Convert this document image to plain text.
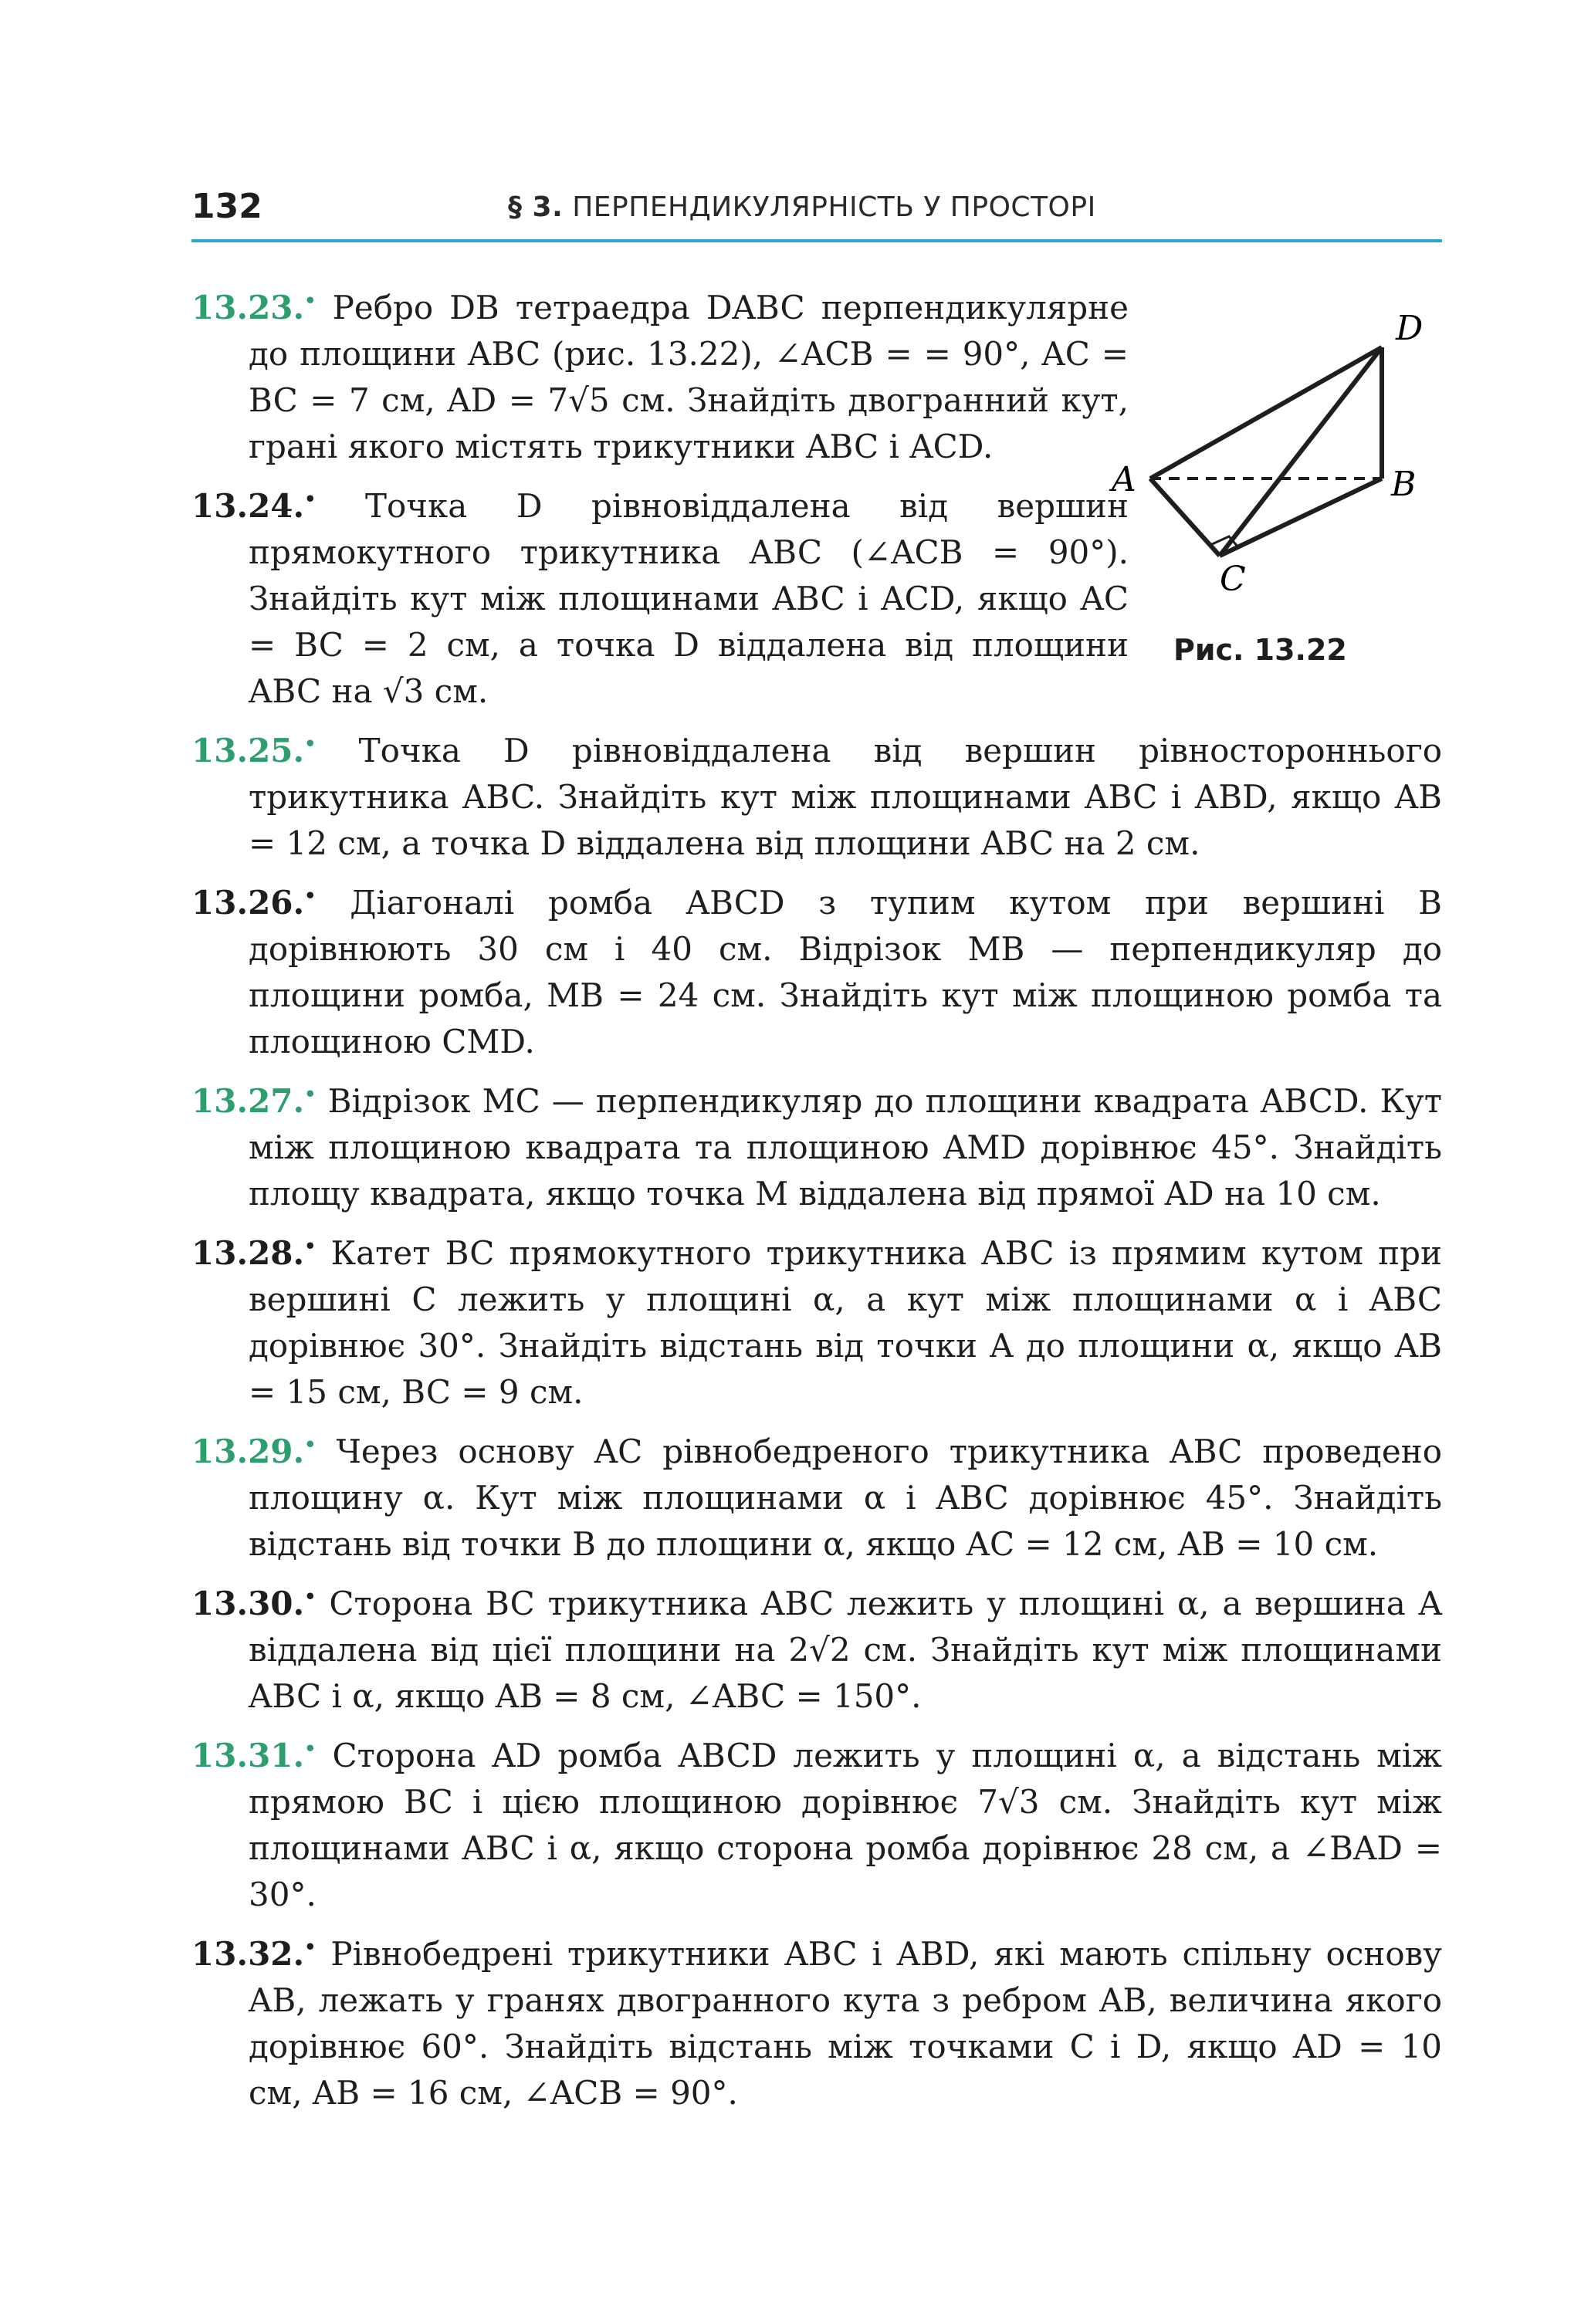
132	§ 3. ПЕРПЕНДИКУЛЯРНІСТЬ У ПРОСТОРІ
D
A	B
C
Рис. 13.22
13.23.• Ребро DB тетраедра DABC перпендикулярне до площини ABC (рис. 13.22), ∠ACB = = 90°, AC = BC = 7 см, AD = 7√5 см. Знайдіть двогранний кут, грані якого містять трикутники ABC і ACD.
13.24.• Точка D рівновіддалена від вершин прямокутного трикутника ABC (∠ACB = 90°). Знайдіть кут між площинами ABC і ACD, якщо AC = BC = 2 см, а точка D віддалена від площини ABC на √3 см.
13.25.• Точка D рівновіддалена від вершин рівностороннього трикутника ABC. Знайдіть кут між площинами ABC і ABD, якщо AB = 12 см, а точка D віддалена від площини ABC на 2 см.
13.26.• Діагоналі ромба ABCD з тупим кутом при вершині B дорівнюють 30 см і 40 см. Відрізок MB — перпендикуляр до площини ромба, MB = 24 см. Знайдіть кут між площиною ромба та площиною CMD.
13.27.• Відрізок MC — перпендикуляр до площини квадрата ABCD. Кут між площиною квадрата та площиною AMD дорівнює 45°. Знайдіть площу квадрата, якщо точка M віддалена від прямої AD на 10 см.
13.28.• Катет BC прямокутного трикутника ABC із прямим кутом при вершині C лежить у площині α, а кут між площинами α і ABC дорівнює 30°. Знайдіть відстань від точки A до площини α, якщо AB = 15 см, BC = 9 см.
13.29.• Через основу AC рівнобедреного трикутника ABC проведено площину α. Кут між площинами α і ABC дорівнює 45°. Знайдіть відстань від точки B до площини α, якщо AC = 12 см, AB = 10 см.
13.30.• Сторона BC трикутника ABC лежить у площині α, а вершина A віддалена від цієї площини на 2√2 см. Знайдіть кут між площинами ABC і α, якщо AB = 8 см, ∠ABC = 150°.
13.31.• Сторона AD ромба ABCD лежить у площині α, а відстань між прямою BC і цією площиною дорівнює 7√3 см. Знайдіть кут між площинами ABC і α, якщо сторона ромба дорівнює 28 см, а ∠BAD = 30°.
13.32.• Рівнобедрені трикутники ABC і ABD, які мають спільну основу AB, лежать у гранях двогранного кута з ребром AB, величина якого дорівнює 60°. Знайдіть відстань між точками C і D, якщо AD = 10 см, AB = 16 см, ∠ACB = 90°.
